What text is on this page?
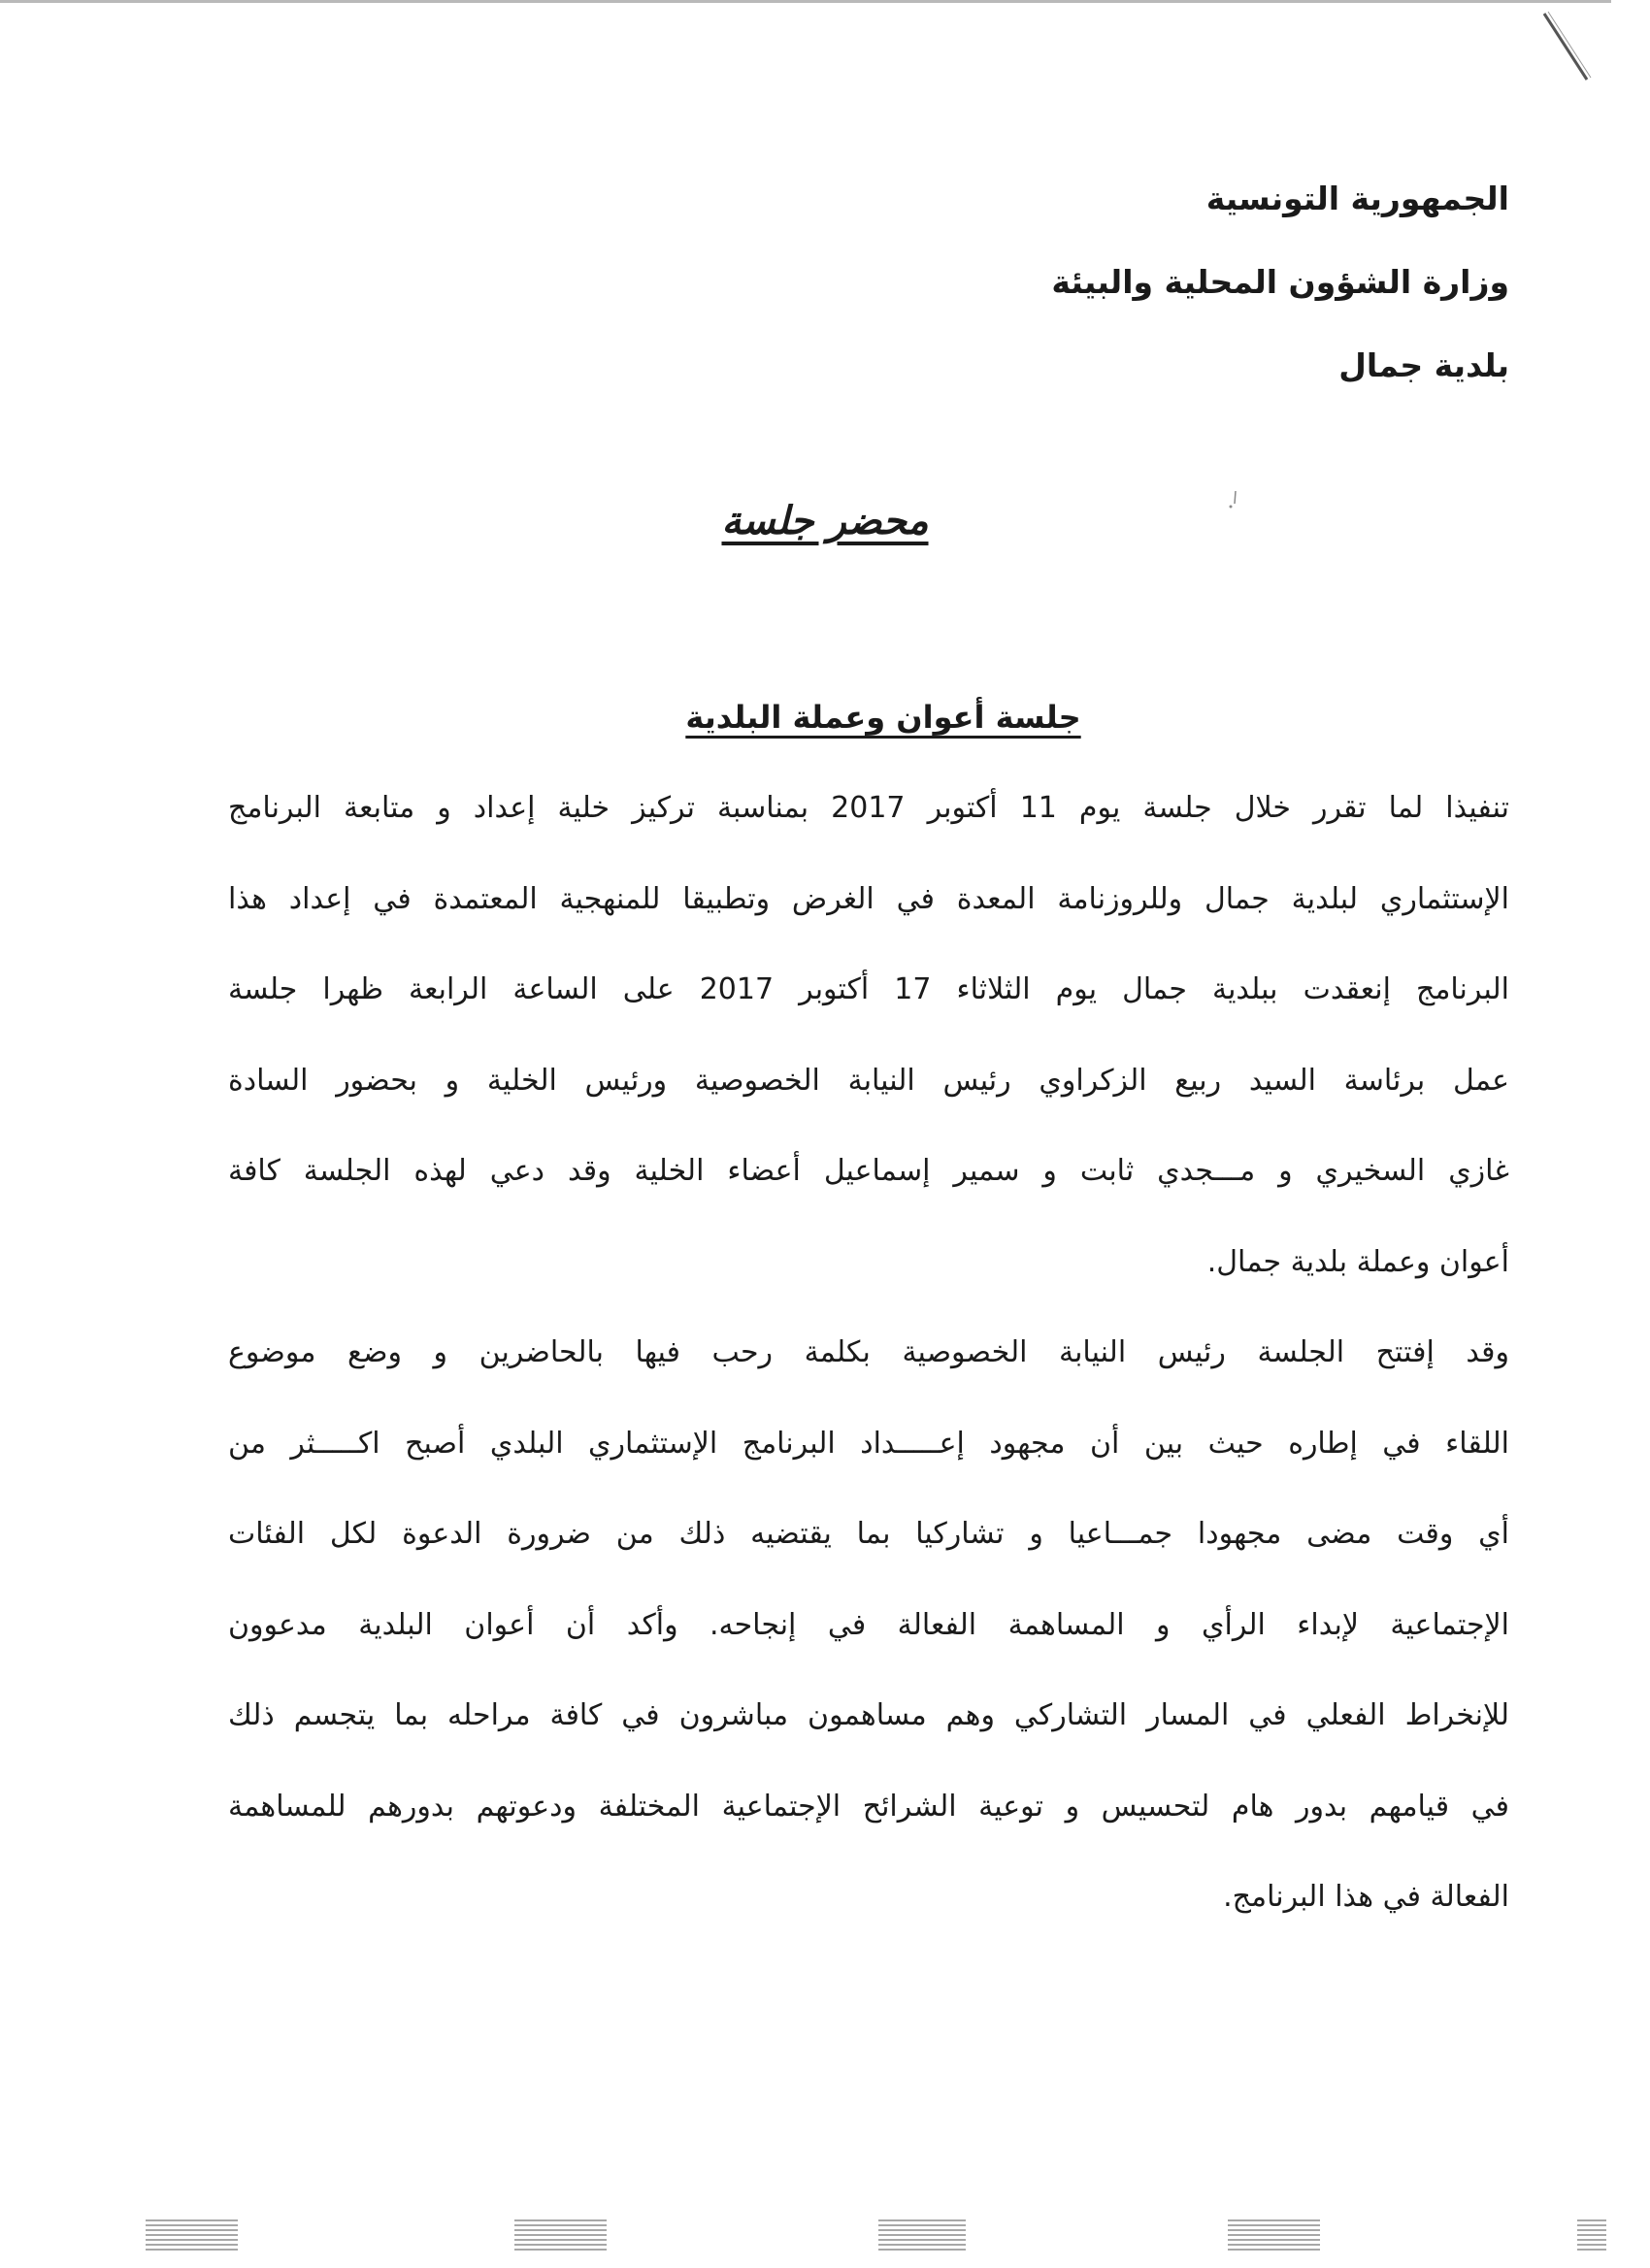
الجمهورية التونسية
وزارة الشؤون المحلية والبيئة
بلدية جمال
محضر جلسة
جلسة أعوان وعملة البلدية
تنفيذا لما تقرر خلال جلسة يوم 11 أكتوبر 2017 بمناسبة تركيز خلية إعداد و متابعة البرنامج
الإستثماري لبلدية جمال وللروزنامة المعدة في الغرض وتطبيقا للمنهجية المعتمدة في إعداد هذا
البرنامج إنعقدت ببلدية جمال يوم الثلاثاء 17 أكتوبر 2017 على الساعة الرابعة ظهرا جلسة
عمل برئاسة السيد ربيع الزكراوي رئيس النيابة الخصوصية ورئيس الخلية و بحضور السادة
غازي السخيري و مـــجدي ثابت و سمير إسماعيل أعضاء الخلية وقد دعي لهذه الجلسة كافة
أعوان وعملة بلدية جمال.
وقد إفتتح الجلسة رئيس النيابة الخصوصية بكلمة رحب فيها بالحاضرين و وضع موضوع
اللقاء في إطاره حيث بين أن مجهود إعـــــداد البرنامج الإستثماري البلدي أصبح اكـــــثر من
أي وقت مضى مجهودا جمـــاعيا و تشاركيا بما يقتضيه ذلك من ضرورة الدعوة لكل الفئات
الإجتماعية لإبداء الرأي و المساهمة الفعالة في إنجاحه. وأكد أن أعوان البلدية مدعوون
للإنخراط الفعلي في المسار التشاركي وهم مساهمون مباشرون في كافة مراحله بما يتجسم ذلك
في قيامهم بدور هام لتحسيس و توعية الشرائح الإجتماعية المختلفة ودعوتهم بدورهم للمساهمة
الفعالة في هذا البرنامج.
